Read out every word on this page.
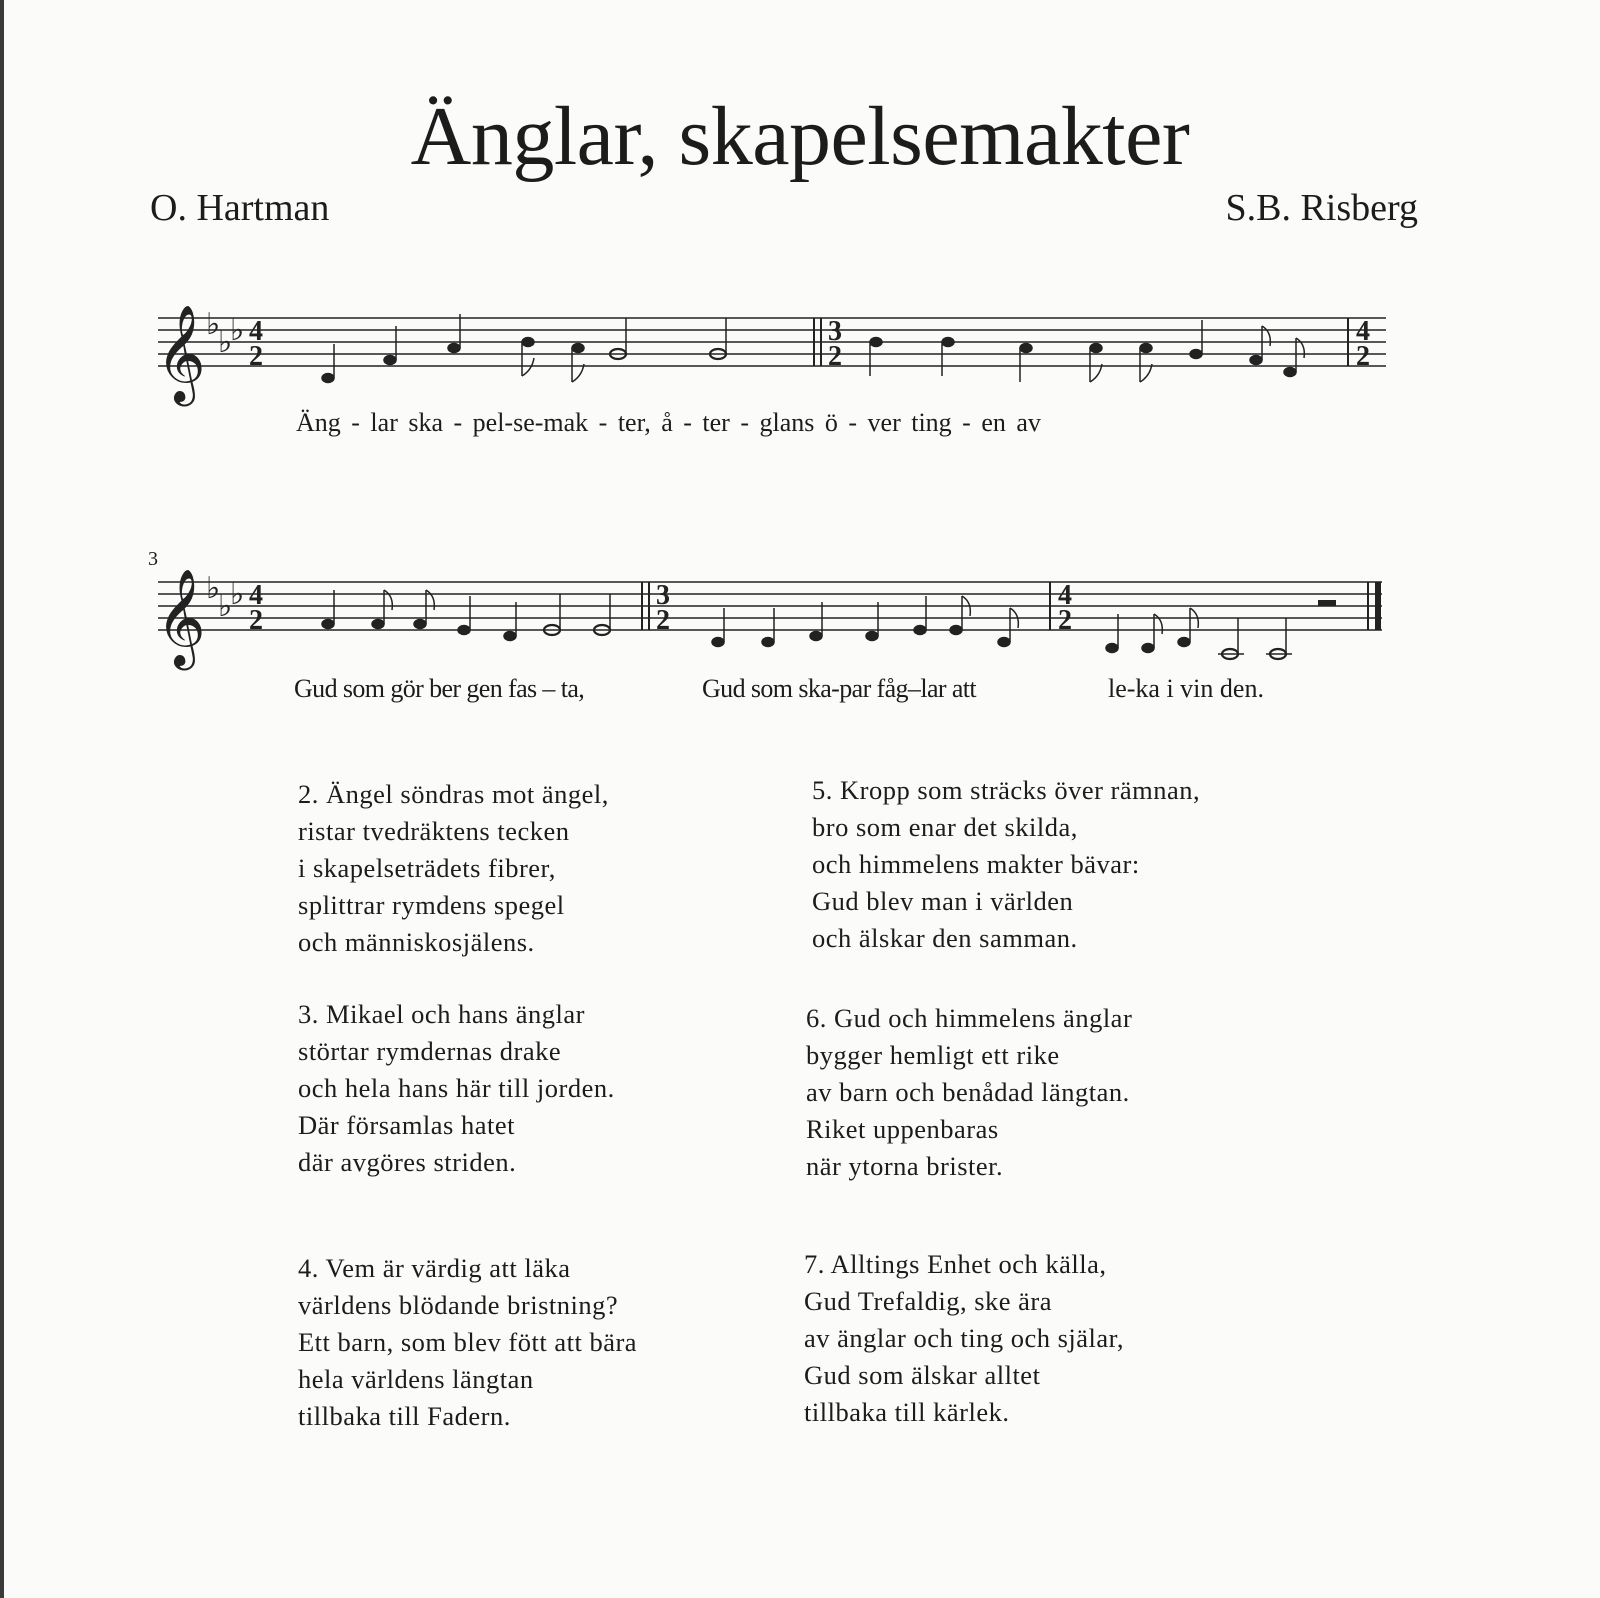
Änglar, skapelsemakter
O. Hartman	S.B. Risberg
𝄞 ♭
♭
♭ 4
2
3
2
4
2
Äng - lar ska - pel-se-mak - ter, å - ter - glans ö - ver ting - en av
3
𝄞 ♭
♭
♭ 4
2
3
2
4
2
Gud som gör ber gen fas – ta,	Gud som ska-par fåg–lar att	le-ka i vin den.
2. Ängel söndras mot ängel,
ristar tvedräktens tecken
i skapelseträdets fibrer,
splittrar rymdens spegel
och människosjälens.
3. Mikael och hans änglar
störtar rymdernas drake
och hela hans här till jorden.
Där församlas hatet
där avgöres striden.
4. Vem är värdig att läka
världens blödande bristning?
Ett barn, som blev fött att bära
hela världens längtan
tillbaka till Fadern.
5. Kropp som sträcks över rämnan,
bro som enar det skilda,
och himmelens makter bävar:
Gud blev man i världen
och älskar den samman.
6. Gud och himmelens änglar
bygger hemligt ett rike
av barn och benådad längtan.
Riket uppenbaras
när ytorna brister.
7. Alltings Enhet och källa,
Gud Trefaldig, ske ära
av änglar och ting och själar,
Gud som älskar alltet
tillbaka till kärlek.
